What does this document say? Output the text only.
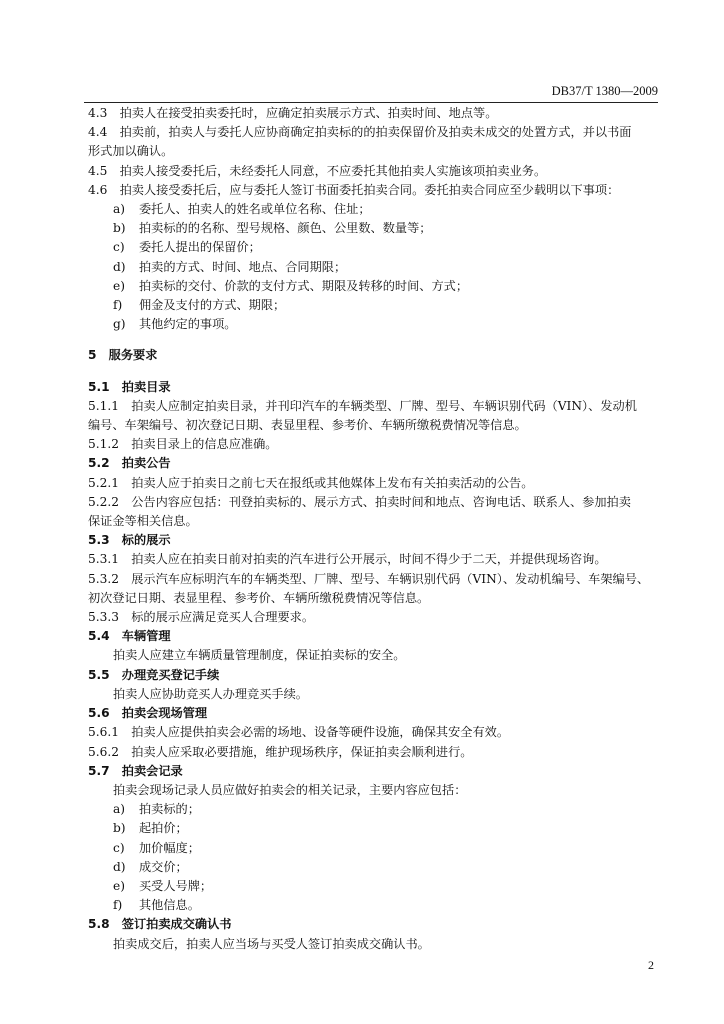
DB37/T 1380—2009

4.3　拍卖人在接受拍卖委托时，应确定拍卖展示方式、拍卖时间、地点等。

4.4　拍卖前，拍卖人与委托人应协商确定拍卖标的的拍卖保留价及拍卖未成交的处置方式，并以书面

形式加以确认。

4.5　拍卖人接受委托后，未经委托人同意，不应委托其他拍卖人实施该项拍卖业务。

4.6　拍卖人接受委托后，应与委托人签订书面委托拍卖合同。委托拍卖合同应至少载明以下事项：

a) 委托人、拍卖人的姓名或单位名称、住址；

b) 拍卖标的的名称、型号规格、颜色、公里数、数量等；

c) 委托人提出的保留价；

d) 拍卖的方式、时间、地点、合同期限；

e) 拍卖标的交付、价款的支付方式、期限及转移的时间、方式；

f) 佣金及支付的方式、期限；

g) 其他约定的事项。

5　服务要求

5.1　拍卖目录

5.1.1　拍卖人应制定拍卖目录，并刊印汽车的车辆类型、厂牌、型号、车辆识别代码（VIN）、发动机

编号、车架编号、初次登记日期、表显里程、参考价、车辆所缴税费情况等信息。

5.1.2　拍卖目录上的信息应准确。

5.2　拍卖公告

5.2.1　拍卖人应于拍卖日之前七天在报纸或其他媒体上发布有关拍卖活动的公告。

5.2.2　公告内容应包括：刊登拍卖标的、展示方式、拍卖时间和地点、咨询电话、联系人、参加拍卖

保证金等相关信息。

5.3　标的展示

5.3.1　拍卖人应在拍卖日前对拍卖的汽车进行公开展示，时间不得少于二天，并提供现场咨询。

5.3.2　展示汽车应标明汽车的车辆类型、厂牌、型号、车辆识别代码（VIN）、发动机编号、车架编号、

初次登记日期、表显里程、参考价、车辆所缴税费情况等信息。

5.3.3　标的展示应满足竞买人合理要求。

5.4　车辆管理

拍卖人应建立车辆质量管理制度，保证拍卖标的安全。

5.5　办理竞买登记手续

拍卖人应协助竞买人办理竞买手续。

5.6　拍卖会现场管理

5.6.1　拍卖人应提供拍卖会必需的场地、设备等硬件设施，确保其安全有效。

5.6.2　拍卖人应采取必要措施，维护现场秩序，保证拍卖会顺利进行。

5.7　拍卖会记录

拍卖会现场记录人员应做好拍卖会的相关记录，主要内容应包括：

a) 拍卖标的；

b) 起拍价；

c) 加价幅度；

d) 成交价；

e) 买受人号牌；

f) 其他信息。

5.8　签订拍卖成交确认书

拍卖成交后，拍卖人应当场与买受人签订拍卖成交确认书。

2
